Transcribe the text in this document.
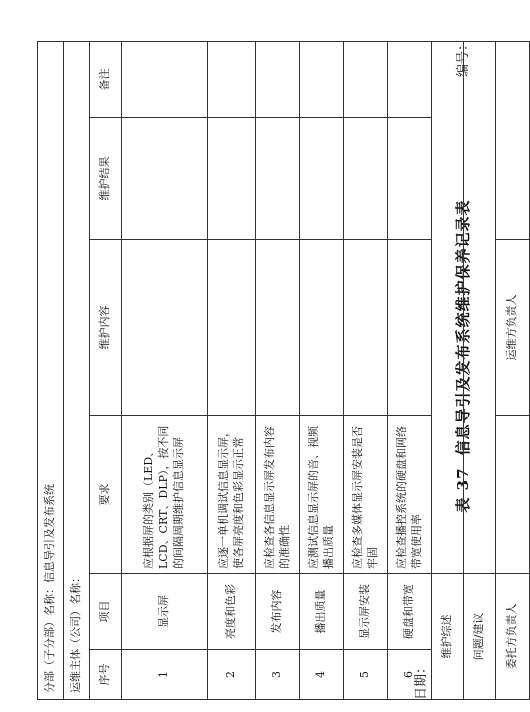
表 37信息导引及发布系统维护保养记录表
日期：
编号：
分部（子分部）名称：信息导引及发布系统					
运维主体（公司）名称：					
序号	项目	要求	维护内容	维护结果	备注
1	显示屏	应根据屏的类别（LED、LCD、CRT、DLP），按不同的间隔周期维护信息显示屏			
2	亮度和色彩	应逐一单机调试信息显示屏，使各屏亮度和色彩显示正常			
3	发布内容	应检查各信息显示屏发布内容的准确性			
4	播出质量	应测试信息显示屏的音、视频播出质量			
5	显示屏安装	应检查多媒体显示屏安装是否牢固			
6	硬盘和带宽	应检查播控系统的硬盘和网络带宽使用率			
维护综述					
问题/建议					
委托方负责人			运维方负责人		
